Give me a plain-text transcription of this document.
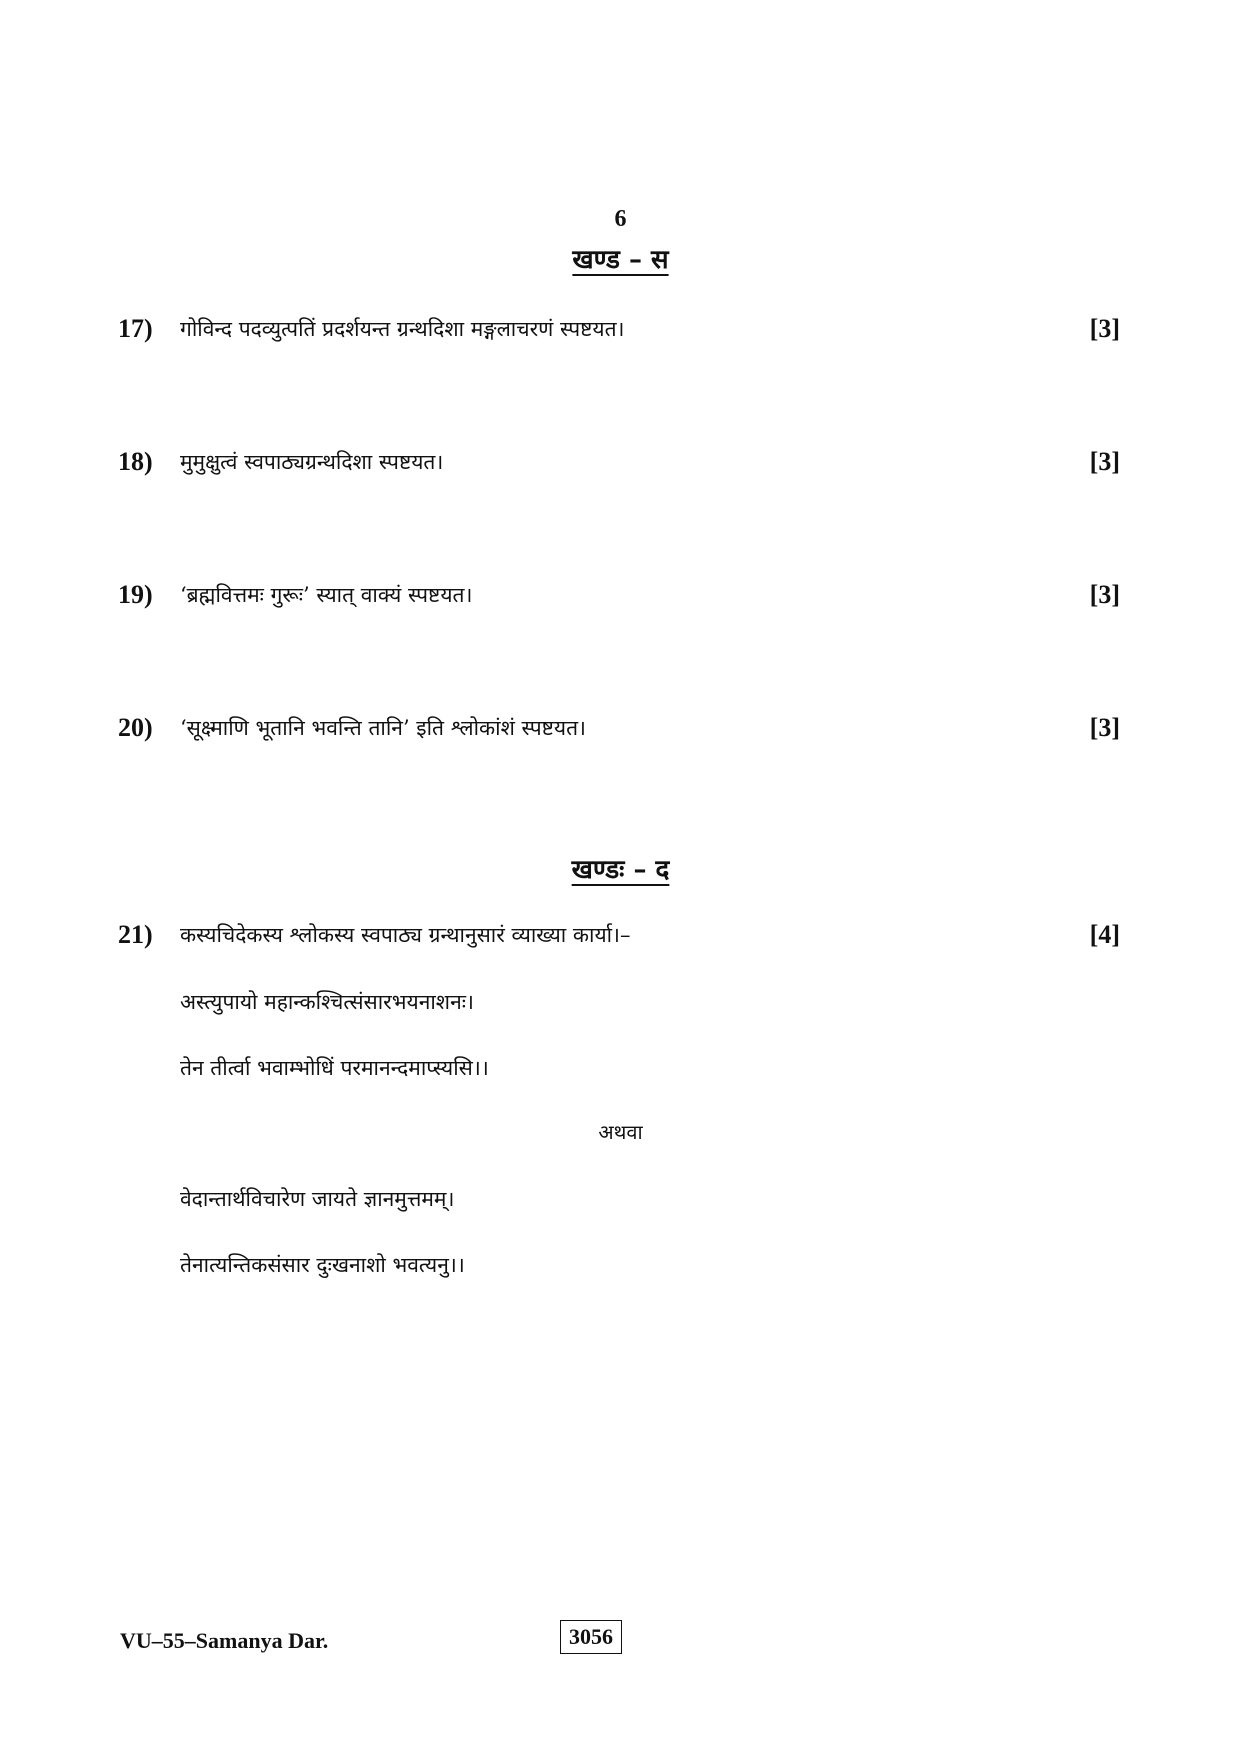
6
खण्ड – स
17)	गोविन्द पदव्युत्पतिं प्रदर्शयन्त ग्रन्थदिशा मङ्गलाचरणं स्पष्टयत।	[3]
18)	मुमुक्षुत्वं स्वपाठ्यग्रन्थदिशा स्पष्टयत।	[3]
19)	‘ब्रह्मवित्तमः गुरूः’ स्यात् वाक्यं स्पष्टयत।	[3]
20)	‘सूक्ष्माणि भूतानि भवन्ति तानि’ इति श्लोकांशं स्पष्टयत।	[3]
खण्डः – द
21)	कस्यचिदेकस्य श्लोकस्य स्वपाठ्य ग्रन्थानुसारं व्याख्या कार्या।–	[4]
अस्त्युपायो महान्कश्चित्संसारभयनाशनः।
तेन तीर्त्वा भवाम्भोधिं परमानन्दमाप्स्यसि।।
अथवा
वेदान्तार्थविचारेण जायते ज्ञानमुत्तमम्।
तेनात्यन्तिकसंसार दुःखनाशो भवत्यनु।।
VU–55–Samanya Dar.	3056
